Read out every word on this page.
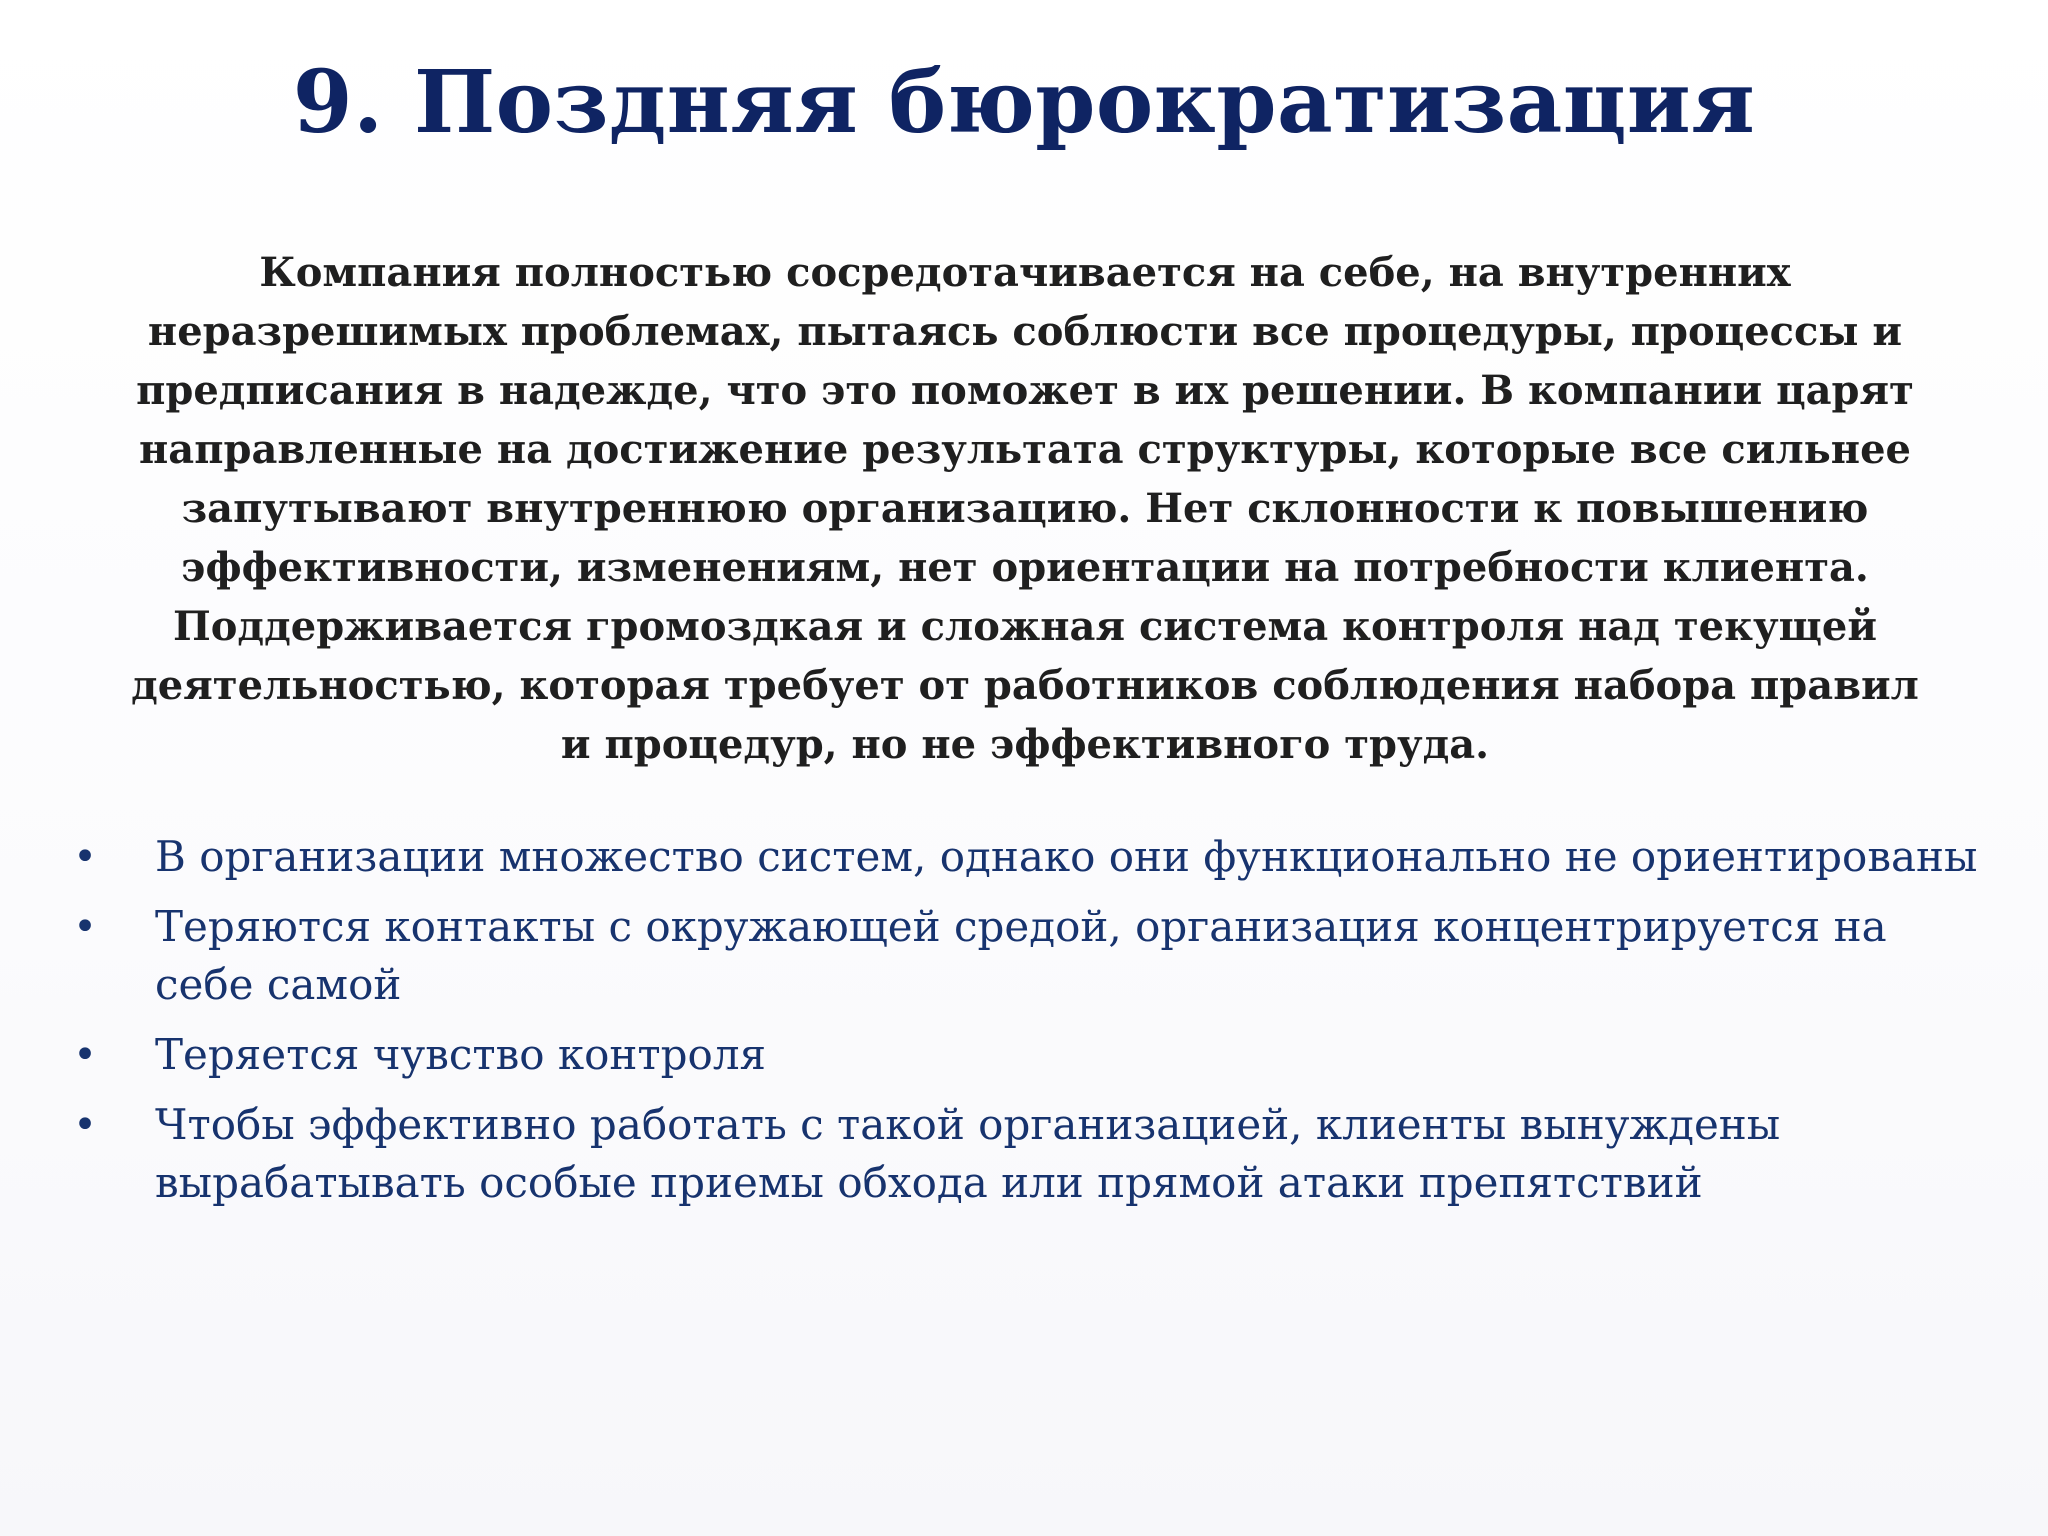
9. Поздняя бюрократизация

Компания полностью сосредотачивается на себе, на внутренних неразрешимых проблемах, пытаясь соблюсти все процедуры, процессы и предписания в надежде, что это поможет в их решении. В компании царят направленные на достижение результата структуры, которые все сильнее запутывают внутреннюю организацию. Нет склонности к повышению эффективности, изменениям, нет ориентации на потребности клиента. Поддерживается громоздкая и сложная система контроля над текущей деятельностью, которая требует от работников соблюдения набора правил и процедур, но не эффективного труда.

• В организации множество систем, однако они функционально не ориентированы
• Теряются контакты с окружающей средой, организация концентрируется на себе самой
• Теряется чувство контроля
• Чтобы эффективно работать с такой организацией, клиенты вынуждены вырабатывать особые приемы обхода или прямой атаки препятствий
